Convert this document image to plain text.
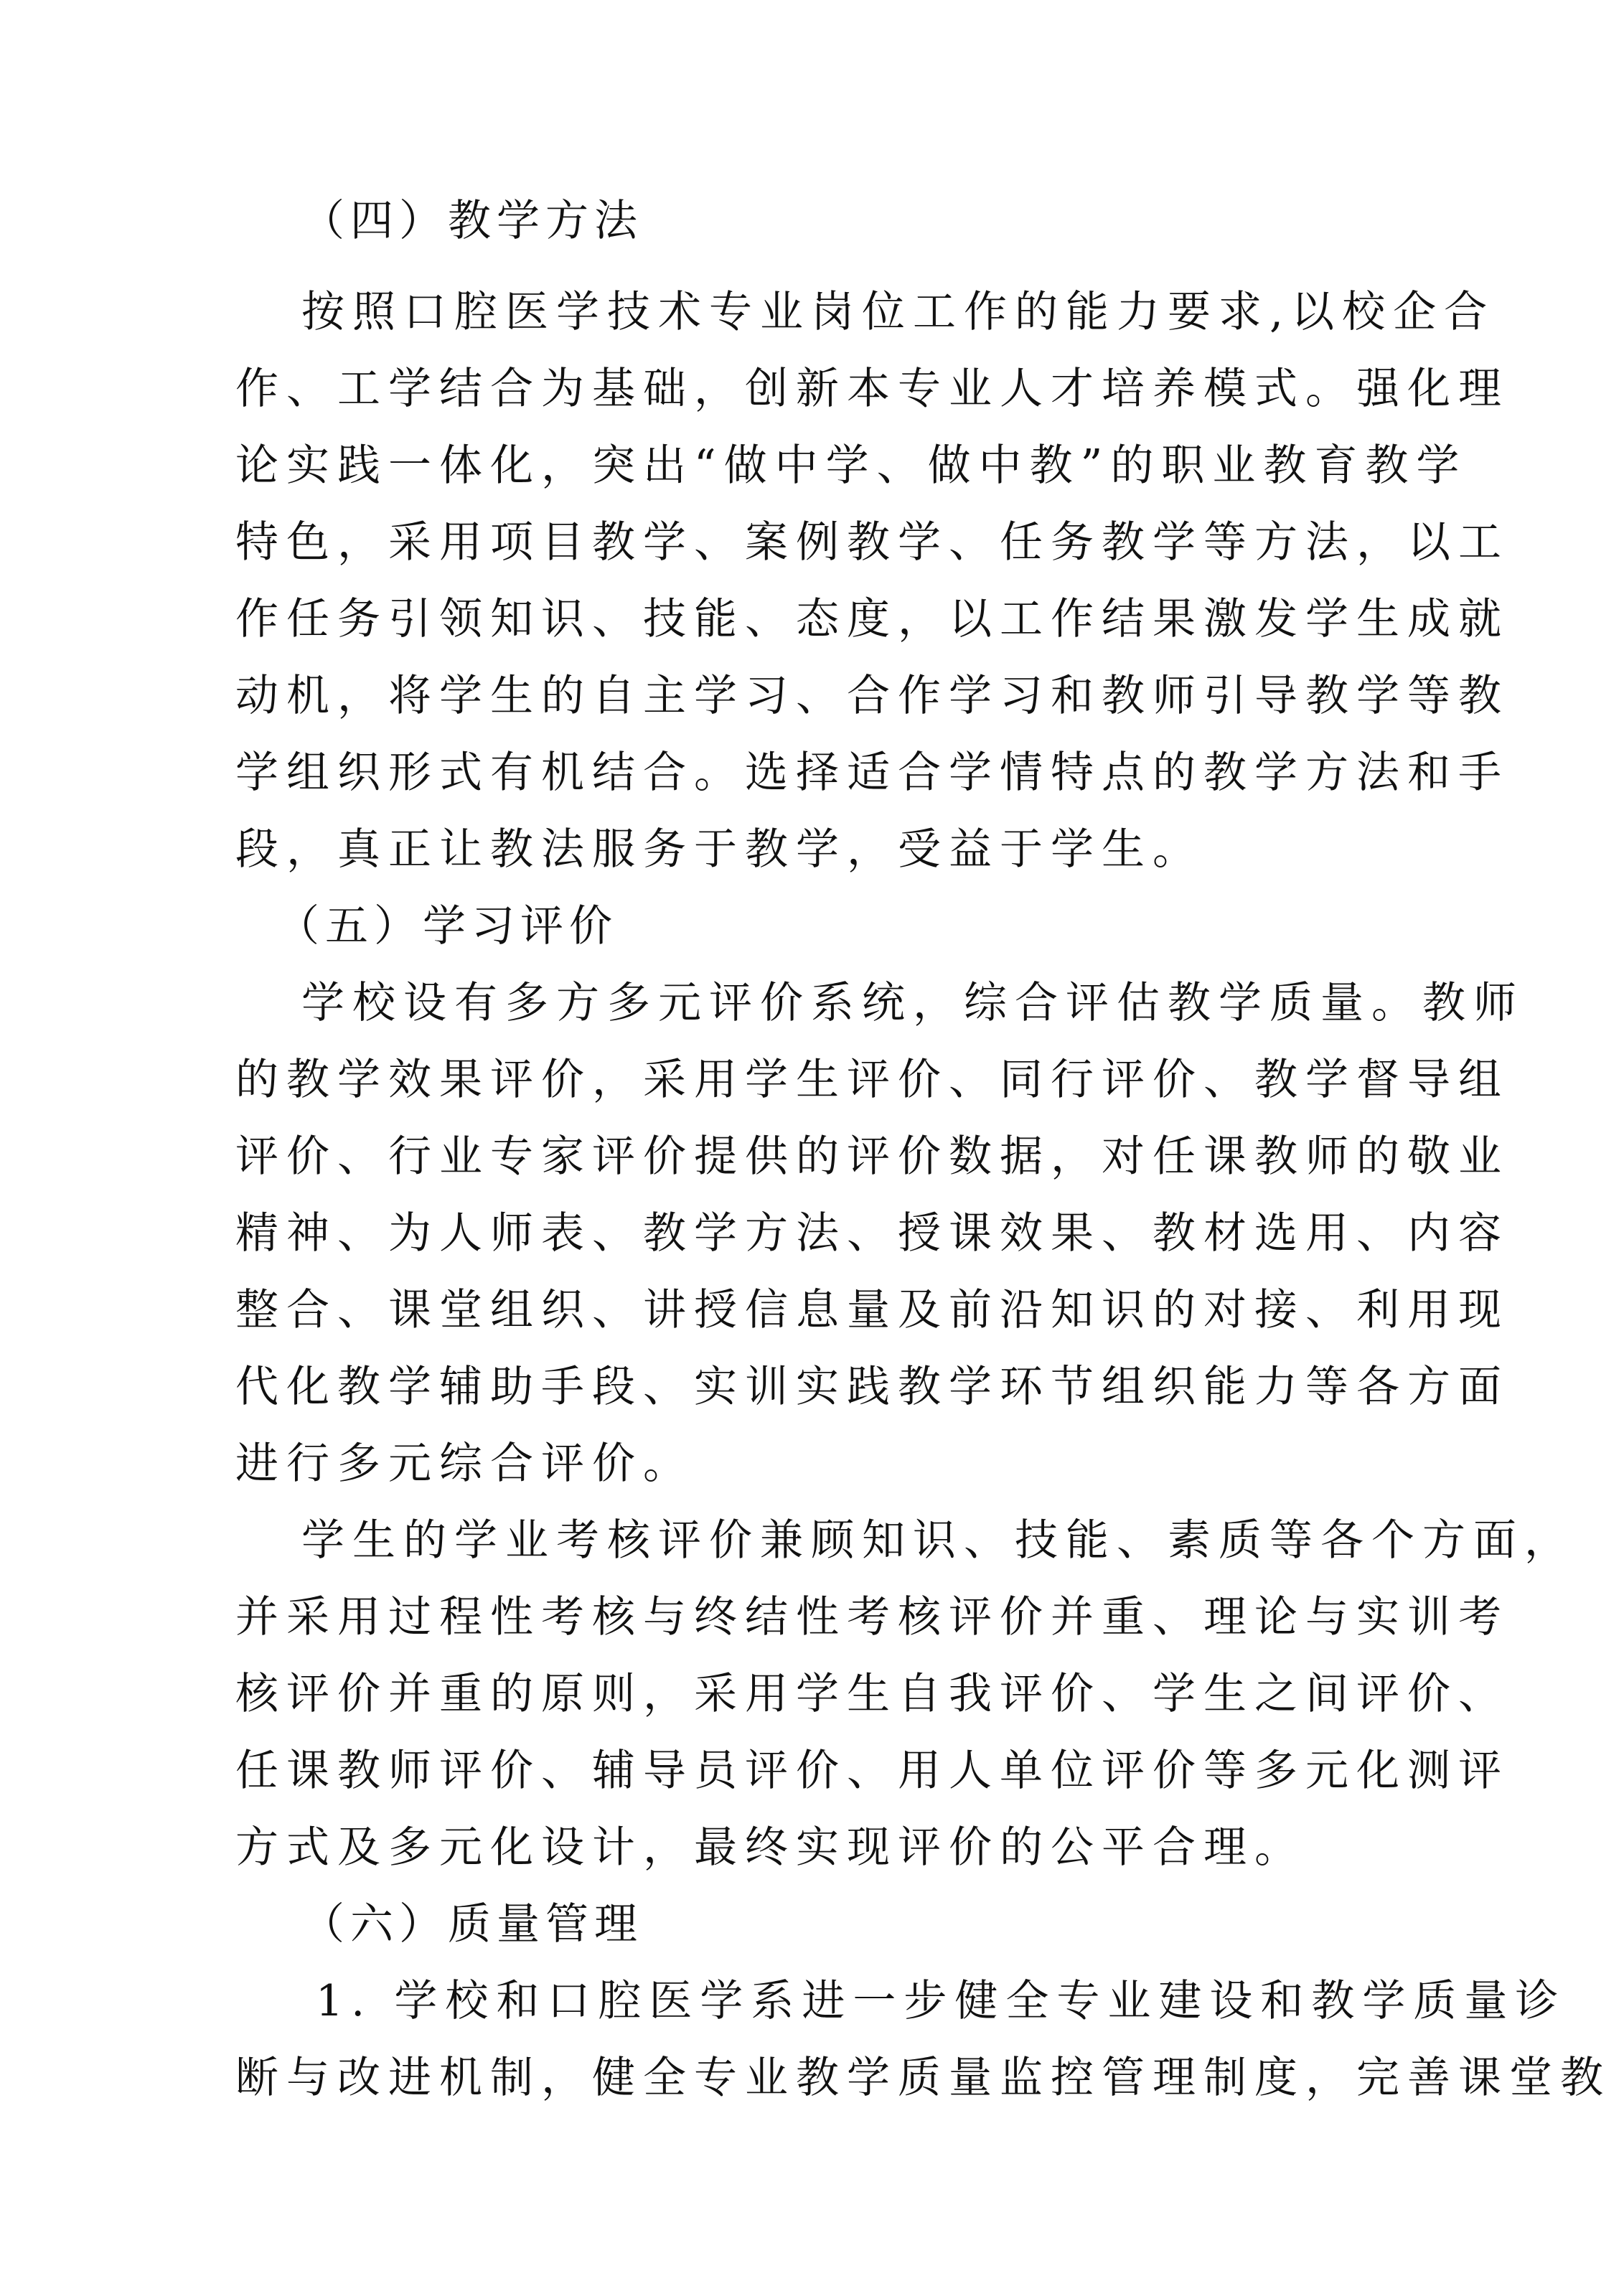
（四）教学方法
按照口腔医学技术专业岗位工作的能力要求,以校企合
作、工学结合为基础，创新本专业人才培养模式。强化理
论实践一体化，突出“做中学、做中教”的职业教育教学
特色，采用项目教学、案例教学、任务教学等方法，以工
作任务引领知识、技能、态度，以工作结果激发学生成就
动机，将学生的自主学习、合作学习和教师引导教学等教
学组织形式有机结合。选择适合学情特点的教学方法和手
段，真正让教法服务于教学，受益于学生。
（五）学习评价
学校设有多方多元评价系统，综合评估教学质量。教师
的教学效果评价，采用学生评价、同行评价、教学督导组
评价、行业专家评价提供的评价数据，对任课教师的敬业
精神、为人师表、教学方法、授课效果、教材选用、内容
整合、课堂组织、讲授信息量及前沿知识的对接、利用现
代化教学辅助手段、实训实践教学环节组织能力等各方面
进行多元综合评价。
学生的学业考核评价兼顾知识、技能、素质等各个方面，
并采用过程性考核与终结性考核评价并重、理论与实训考
核评价并重的原则，采用学生自我评价、学生之间评价、
任课教师评价、辅导员评价、用人单位评价等多元化测评
方式及多元化设计，最终实现评价的公平合理。
（六）质量管理
1. 学校和口腔医学系进一步健全专业建设和教学质量诊
断与改进机制，健全专业教学质量监控管理制度，完善课堂教
